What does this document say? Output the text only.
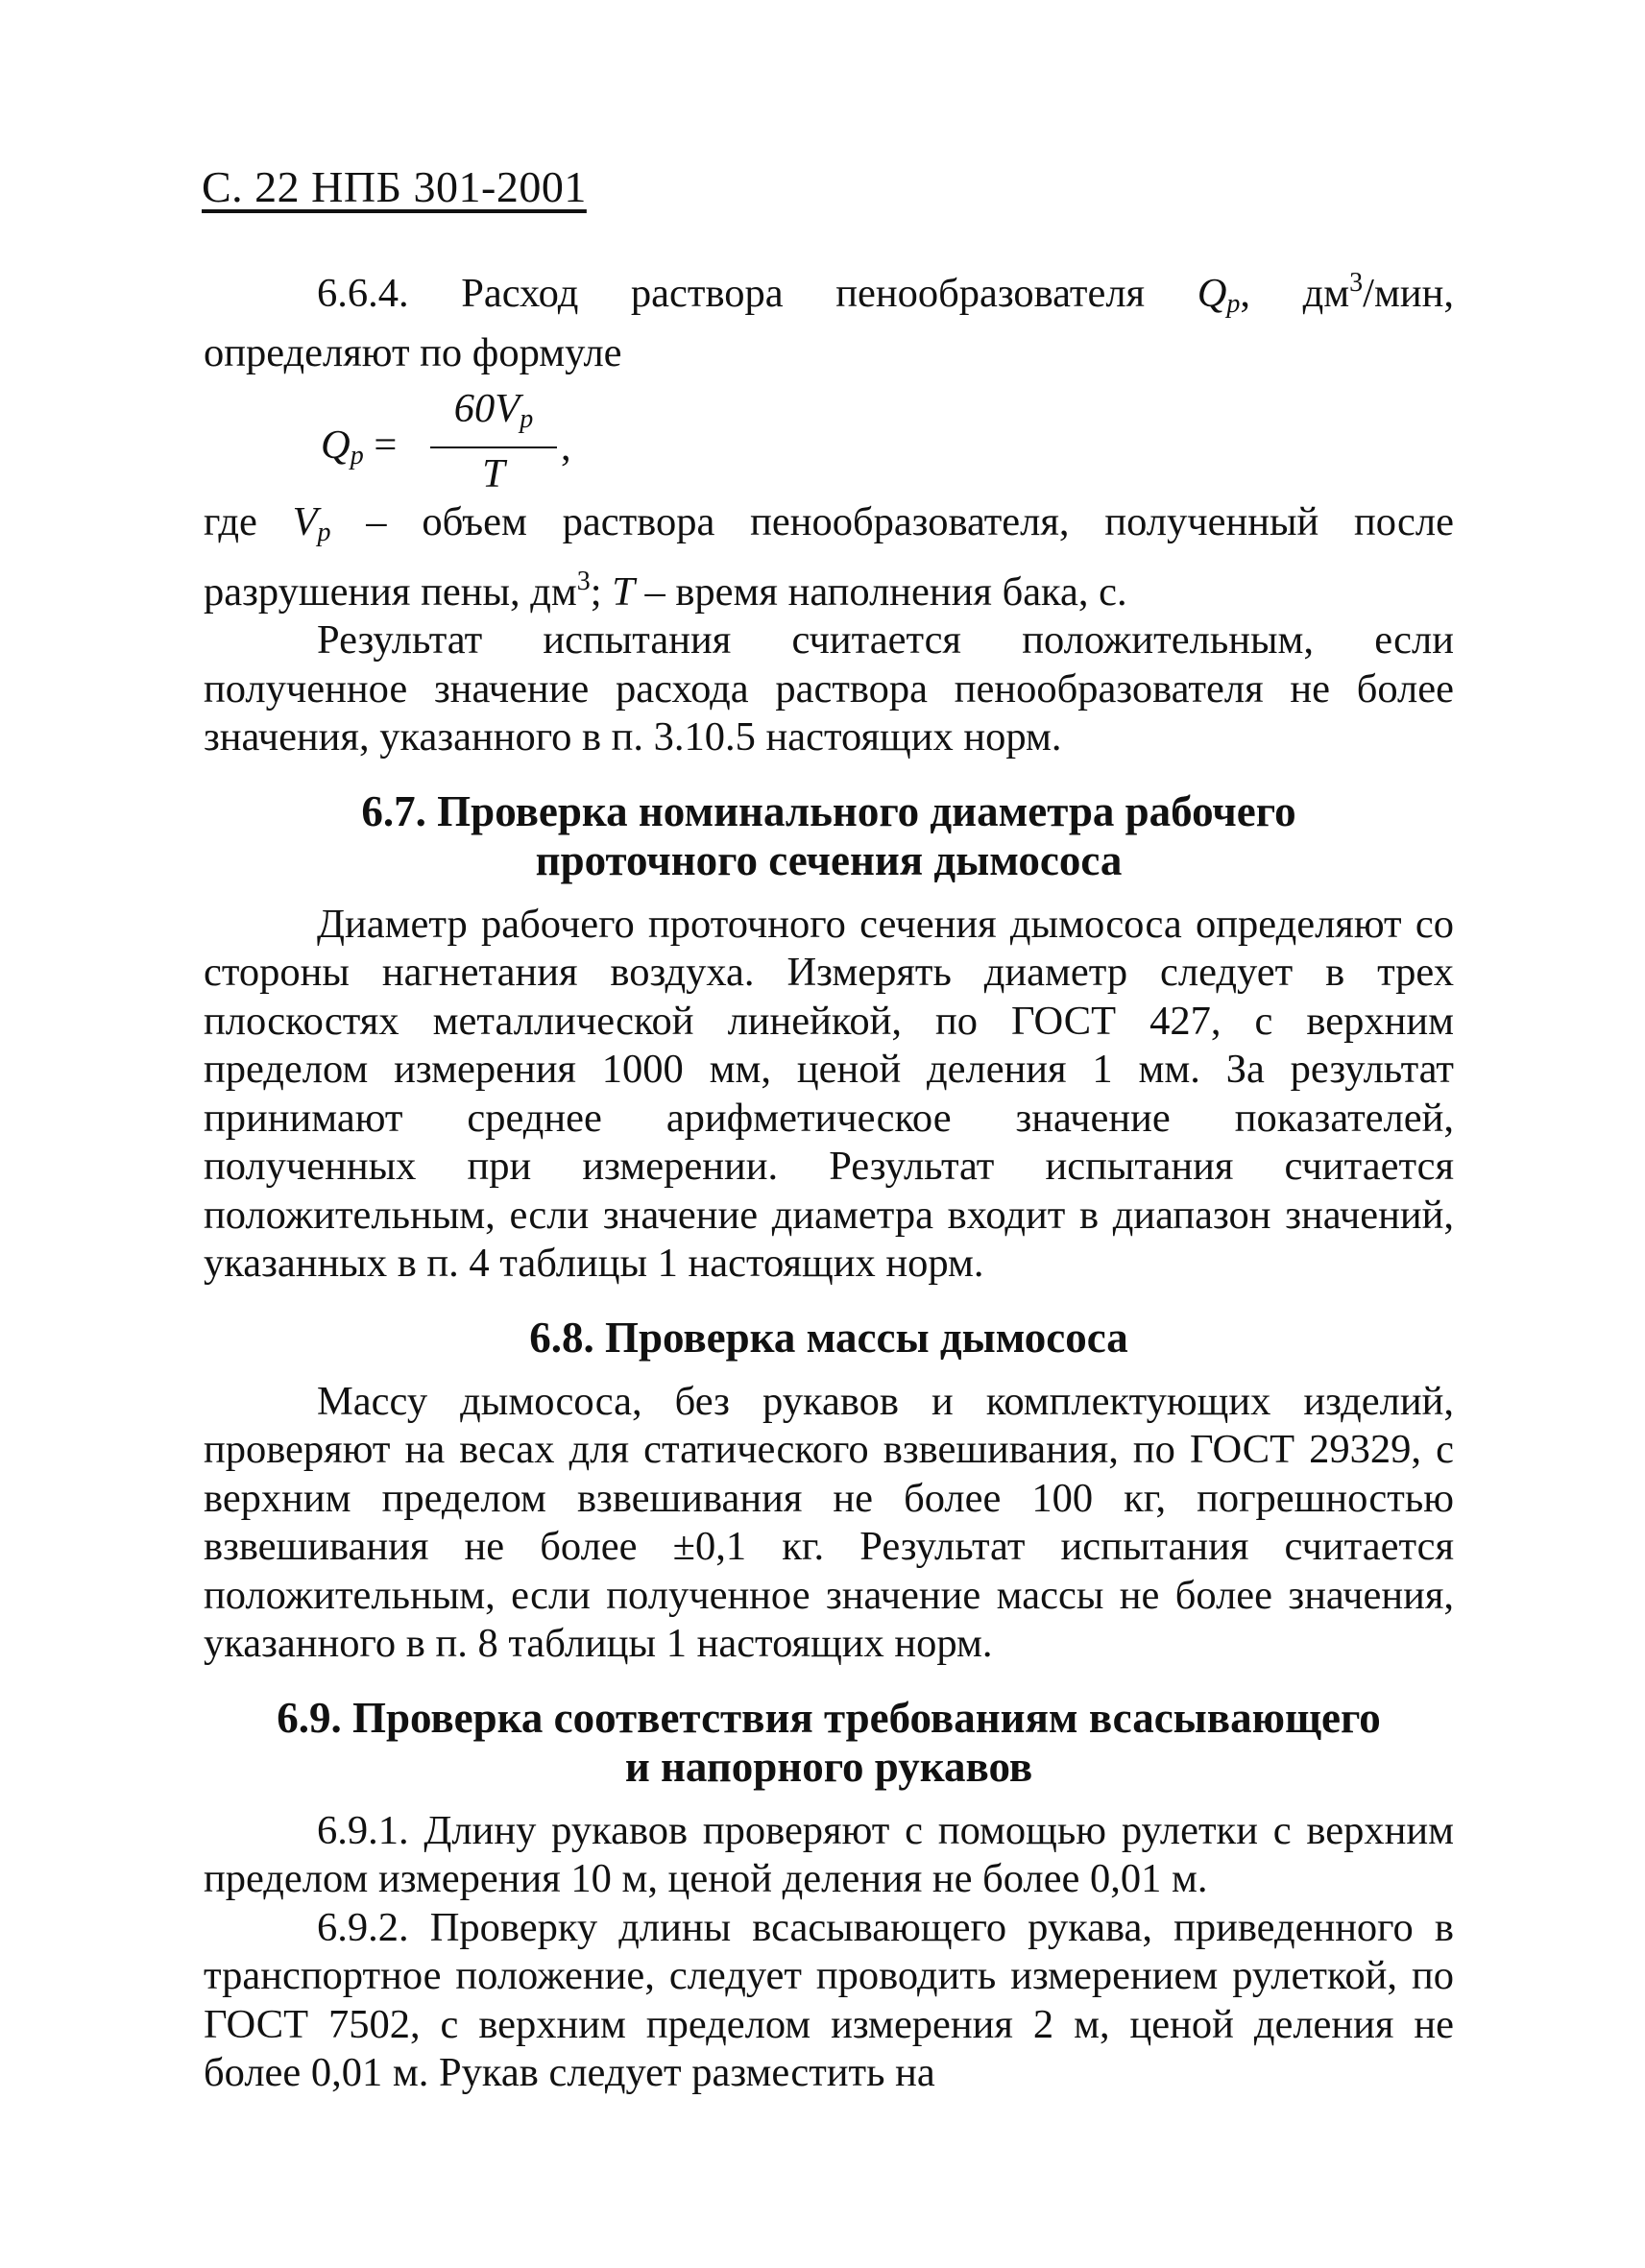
С. 22 НПБ 301-2001

6.6.4. Расход раствора пенообразователя $Q_p$, $дм^3$/мин, определяют по формуле

$Q_p = \frac{60V_p}{T}$ ,

где $V_p$ – объем раствора пенообразователя, полученный после разрушения пены, $дм^3$; T – время наполнения бака, с.

Результат испытания считается положительным, если полученное значение расхода раствора пенообразователя не более значения, указанного в п. 3.10.5 настоящих норм.

6.7. Проверка номинального диаметра рабочего
проточного сечения дымососа

Диаметр рабочего проточного сечения дымососа определяют со стороны нагнетания воздуха. Измерять диаметр следует в трех плоскостях металлической линейкой, по ГОСТ 427, с верхним пределом измерения 1000 мм, ценой деления 1 мм. За результат принимают среднее арифметическое значение показателей, полученных при измерении. Результат испытания считается положительным, если значение диаметра входит в диапазон значений, указанных в п. 4 таблицы 1 настоящих норм.

6.8. Проверка массы дымососа

Массу дымососа, без рукавов и комплектующих изделий, проверяют на весах для статического взвешивания, по ГОСТ 29329, с верхним пределом взвешивания не более 100 кг, погрешностью взвешивания не более ±0,1 кг. Результат испытания считается положительным, если полученное значение массы не более значения, указанного в п. 8 таблицы 1 настоящих норм.

6.9. Проверка соответствия требованиям всасывающего
и напорного рукавов

6.9.1. Длину рукавов проверяют с помощью рулетки с верхним пределом измерения 10 м, ценой деления не более 0,01 м.

6.9.2. Проверку длины всасывающего рукава, приведенного в транспортное положение, следует проводить измерением рулеткой, по ГОСТ 7502, с верхним пределом измерения 2 м, ценой деления не более 0,01 м. Рукав следует разместить на
